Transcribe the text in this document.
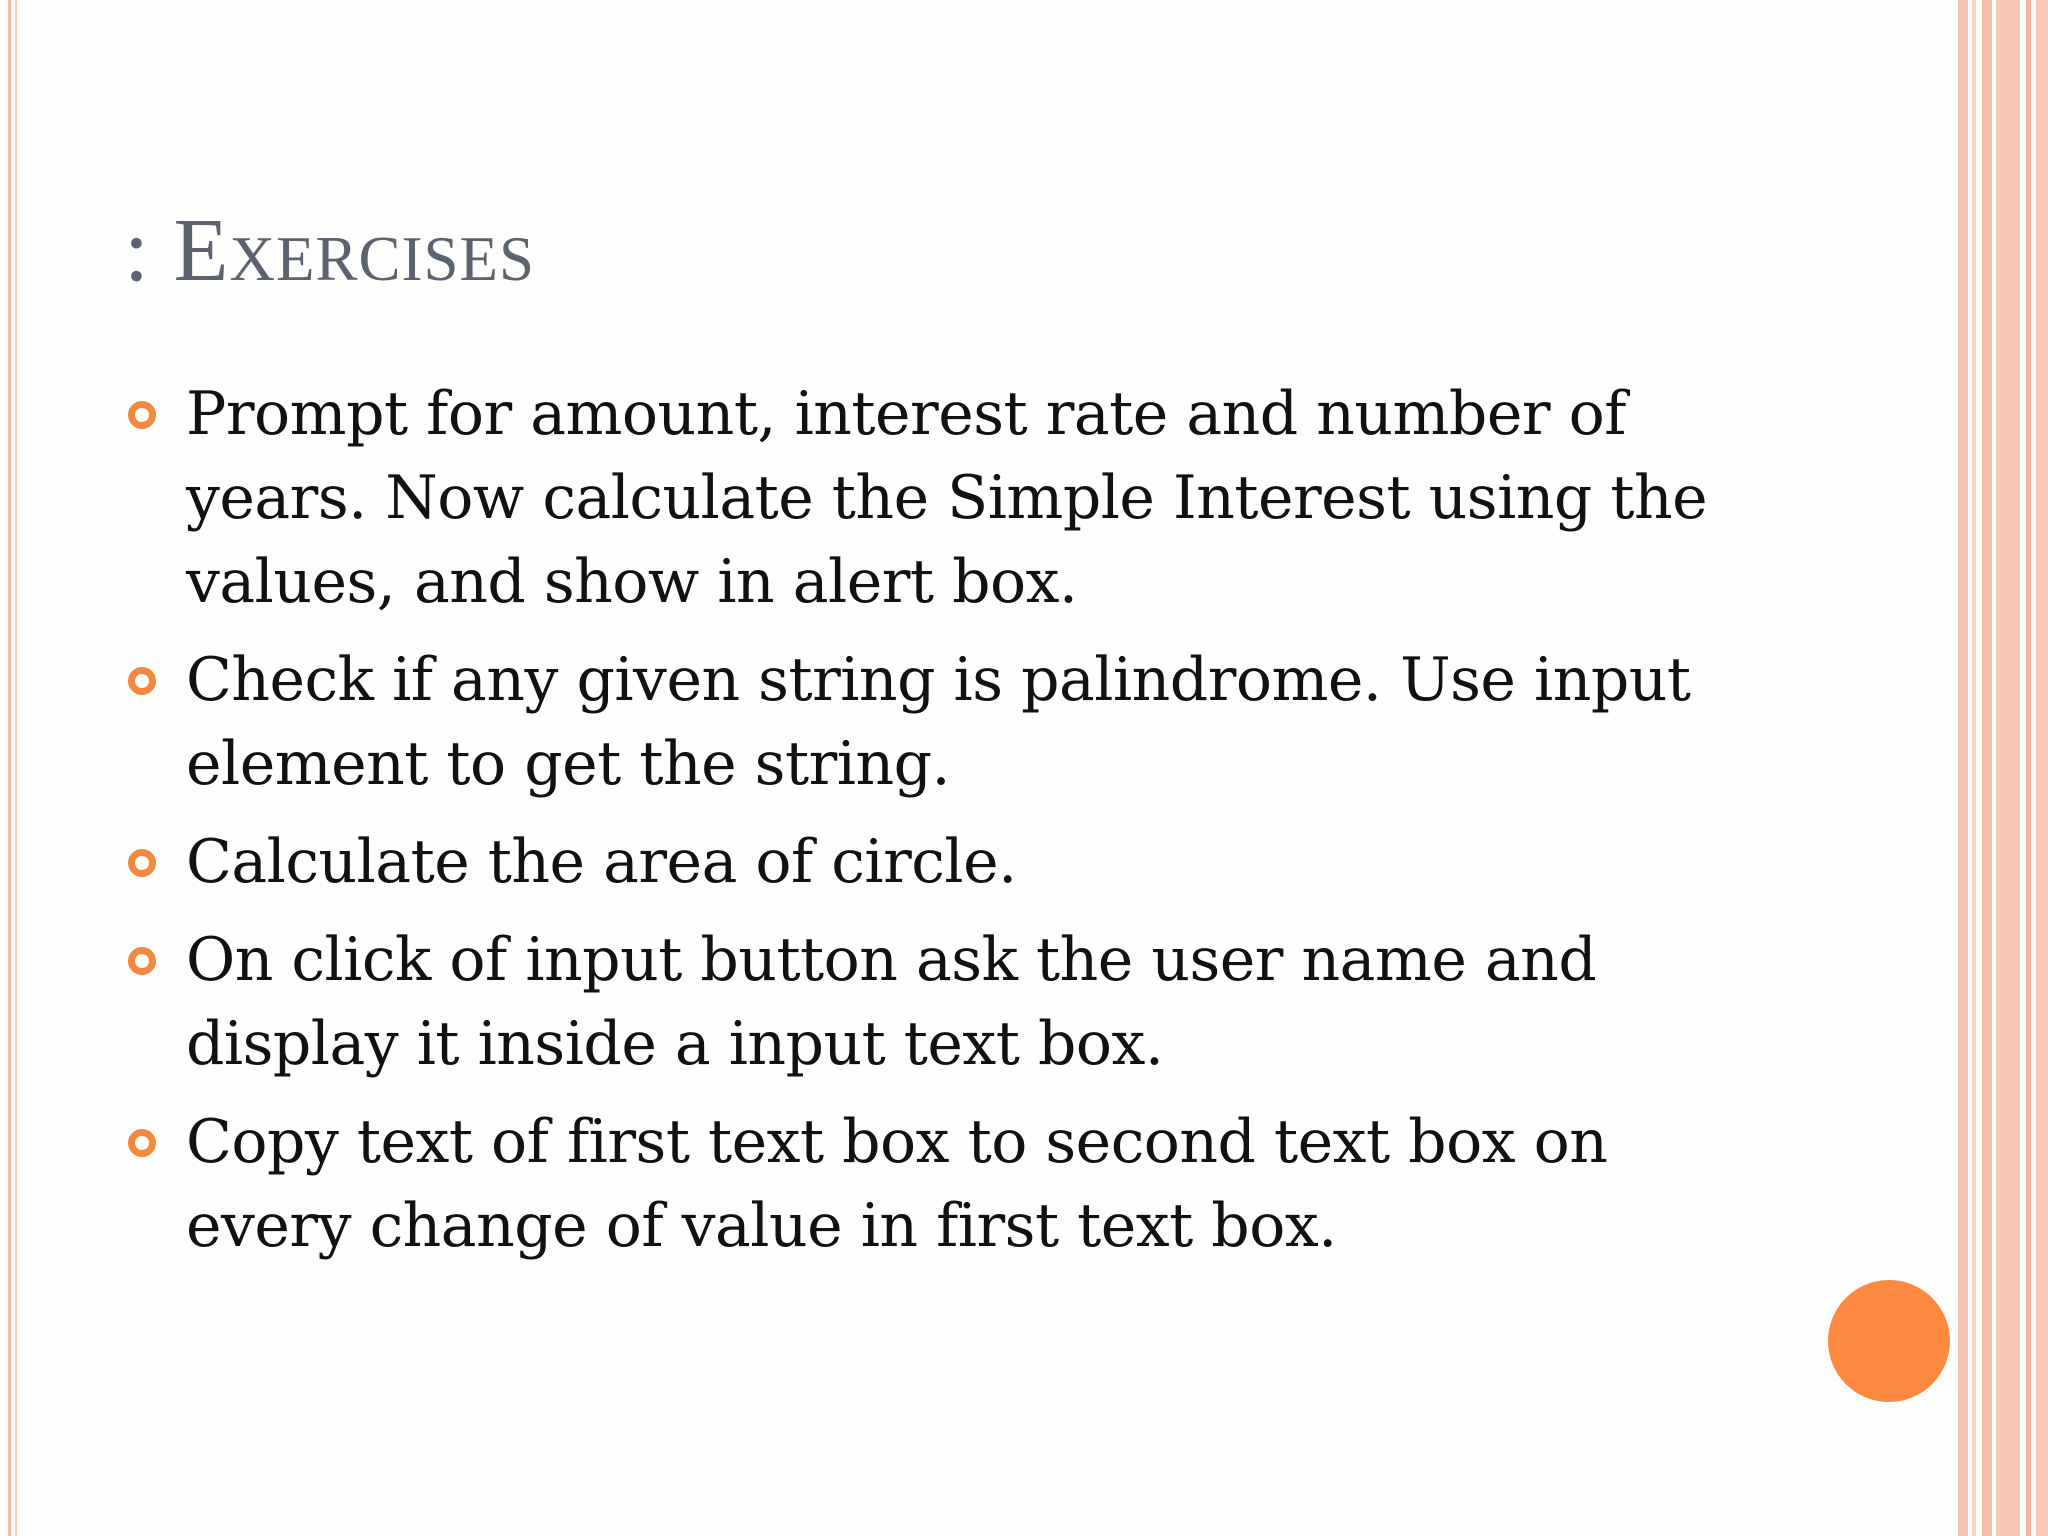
: Exercises
Prompt for amount, interest rate and number of years. Now calculate the Simple Interest using the values, and show in alert box.
Check if any given string is palindrome. Use input element to get the string.
Calculate the area of circle.
On click of input button ask the user name and display it inside a input text box.
Copy text of first text box to second text box on every change of value in first text box.
